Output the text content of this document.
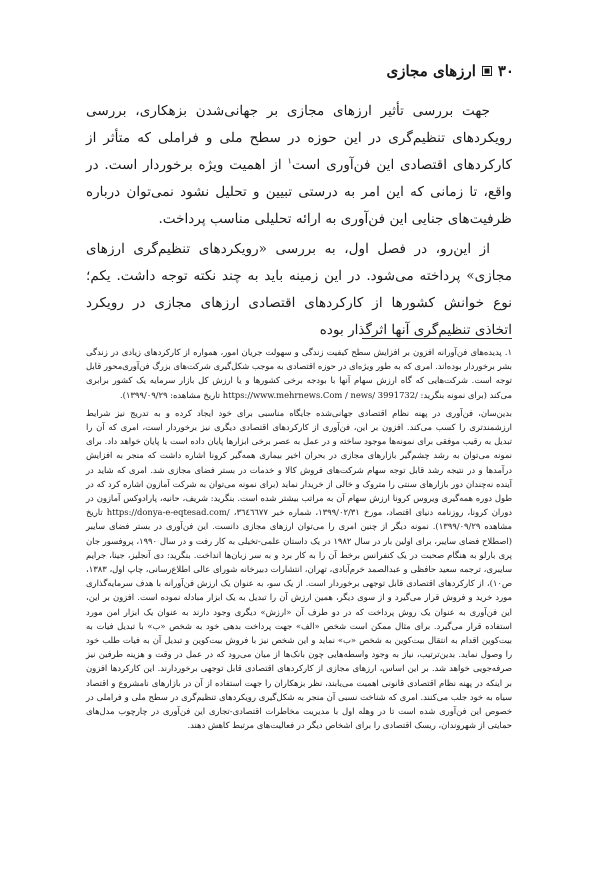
۳۰
ارزهای مجازی

جهت بررسی تأثیر ارزهای مجازی بر جهانی‌شدن بزهکاری، بررسی رویکردهای تنظیم‌گری در این حوزه در سطح ملی و فراملی که متأثر از کارکردهای اقتصادی این فن‌آوری است$^۱$ از اهمیت ویژه برخوردار است. در واقع، تا زمانی که این امر به درستی تبیین و تحلیل نشود نمی‌توان درباره ظرفیت‌های جنایی این فن‌آوری به ارائه تحلیلی مناسب پرداخت.

از این‌رو، در فصل اول، به بررسی «رویکردهای تنظیم‌گری ارزهای مجازی» پرداخته می‌شود. در این زمینه باید به چند نکته توجه داشت. یکم؛ نوع خوانش کشورها از کارکردهای اقتصادی ارزهای مجازی در رویکرد اتخاذی تنظیم‌گری آنها اثرگذار بوده

۱. پدیده‌های فن‌آورانه افزون بر افزایش سطح کیفیت زندگی و سهولت جریان امور، همواره از کارکردهای زیادی در زندگی بشر برخوردار بوده‌اند. امری که به طور ویژه‌ای در حوزه اقتصادی به موجب شکل‌گیری شرکت‌های بزرگ فن‌آوری‌محور قابل توجه است. شرکت‌هایی که گاه ارزش سهام آنها با بودجه برخی کشورها و یا ارزش کل بازار سرمایه یک کشور برابری می‌کند (برای نمونه بنگرید: https://www.mehrnews.Com / news/ 3991732/ تاریخ مشاهده: ۱۳۹۹/۰۹/۲۹).

بدین‌سان، فن‌آوری در پهنه نظام اقتصادی جهانی‌شده جایگاه مناسبی برای خود ایجاد کرده و به تدریج نیز شرایط ارزشمندتری را کسب می‌کند. افزون بر این، فن‌آوری از کارکردهای اقتصادی دیگری نیز برخوردار است، امری که آن را تبدیل به رقیب موفقی برای نمونه‌ها موجود ساخته و در عمل به عصر برخی ابزارها پایان داده است یا پایان خواهد داد. برای نمونه می‌توان به رشد چشم‌گیر بازارهای مجازی در بحران اخیر بیماری همه‌گیر کرونا اشاره داشت که منجر به افزایش درآمدها و در نتیجه رشد قابل توجه سهام شرکت‌های فروش کالا و خدمات در بستر فضای مجازی شد. امری که شاید در آینده نه‌چندان دور بازارهای سنتی را متروک و خالی از خریدار نماید (برای نمونه می‌توان به شرکت آمازون اشاره کرد که در طول دوره همه‌گیری ویروس کرونا ارزش سهام آن به مراتب بیشتر شده است. بنگرید: شریف، حانیه، پارادوکس آمازون در دوران کرونا، روزنامه دنیای اقتصاد، مورخ ۱۳۹۹/۰۲/۳۱، شماره خبر ۳٦٤٦٦٧٧، https://donya-e-eqtesad.com/ تاریخ مشاهده ۱۳۹۹/۰۹/۲۹). نمونه دیگر از چنین امری را می‌توان ارزهای مجازی دانست. این فن‌آوری در بستر فضای سایبر (اصطلاح فضای سایبر، برای اولین بار در سال ۱۹۸۲ در یک داستان علمی-تخیلی به کار رفت و در سال ۱۹۹۰، پروفسور جان پری بارلو به هنگام صحبت در یک کنفرانس برخط آن را به کار برد و به سر زبان‌ها انداخت. بنگرید: دی آنجلیز، جینا، جرایم سایبری، ترجمه سعید حافظی و عبدالصمد خرم‌آبادی، تهران، انتشارات دبیرخانه شورای عالی اطلاع‌رسانی، چاپ اول، ۱۳۸۳، ص۱۰)، از کارکردهای اقتصادی قابل توجهی برخوردار است. از یک سو، به عنوان یک ارزش فن‌آورانه با هدف سرمایه‌گذاری مورد خرید و فروش قرار می‌گیرد و از سوی دیگر، همین ارزش آن را تبدیل به یک ابزار مبادله نموده است. افزون بر این، این فن‌آوری به عنوان یک روش پرداخت که در دو طرف آن «ارزش» دیگری وجود دارند به عنوان یک ابزار امن مورد استفاده قرار می‌گیرد. برای مثال ممکن است شخص «الف» جهت پرداخت بدهی خود به شخص «ب» با تبدیل فیات به بیت‌کوین اقدام به انتقال بیت‌کوین به شخص «ب» نماید و این شخص نیز با فروش بیت‌کوین و تبدیل آن به فیات طلب خود را وصول نماید. بدین‌ترتیب، نیاز به وجود واسطه‌هایی چون بانک‌ها از میان می‌رود که در عمل در وقت و هزینه طرفین نیز صرفه‌جویی خواهد شد. بر این اساس، ارزهای مجازی از کارکردهای اقتصادی قابل توجهی برخوردارند. این کارکردها افزون بر اینکه در پهنه نظام اقتصادی قانونی اهمیت می‌یابند، نظر بزهکاران را جهت استفاده از آن در بازارهای نامشروع و اقتصاد سیاه به خود جلب می‌کنند. امری که شناخت نسبی آن منجر به شکل‌گیری رویکردهای تنظیم‌گری در سطح ملی و فراملی در خصوص این فن‌آوری شده است تا در وهله اول با مدیریت مخاطرات اقتصادی-تجاری این فن‌آوری در چارچوب مدل‌های حمایتی از شهروندان، ریسک اقتصادی را برای اشخاص دیگر در فعالیت‌های مرتبط کاهش دهند.
